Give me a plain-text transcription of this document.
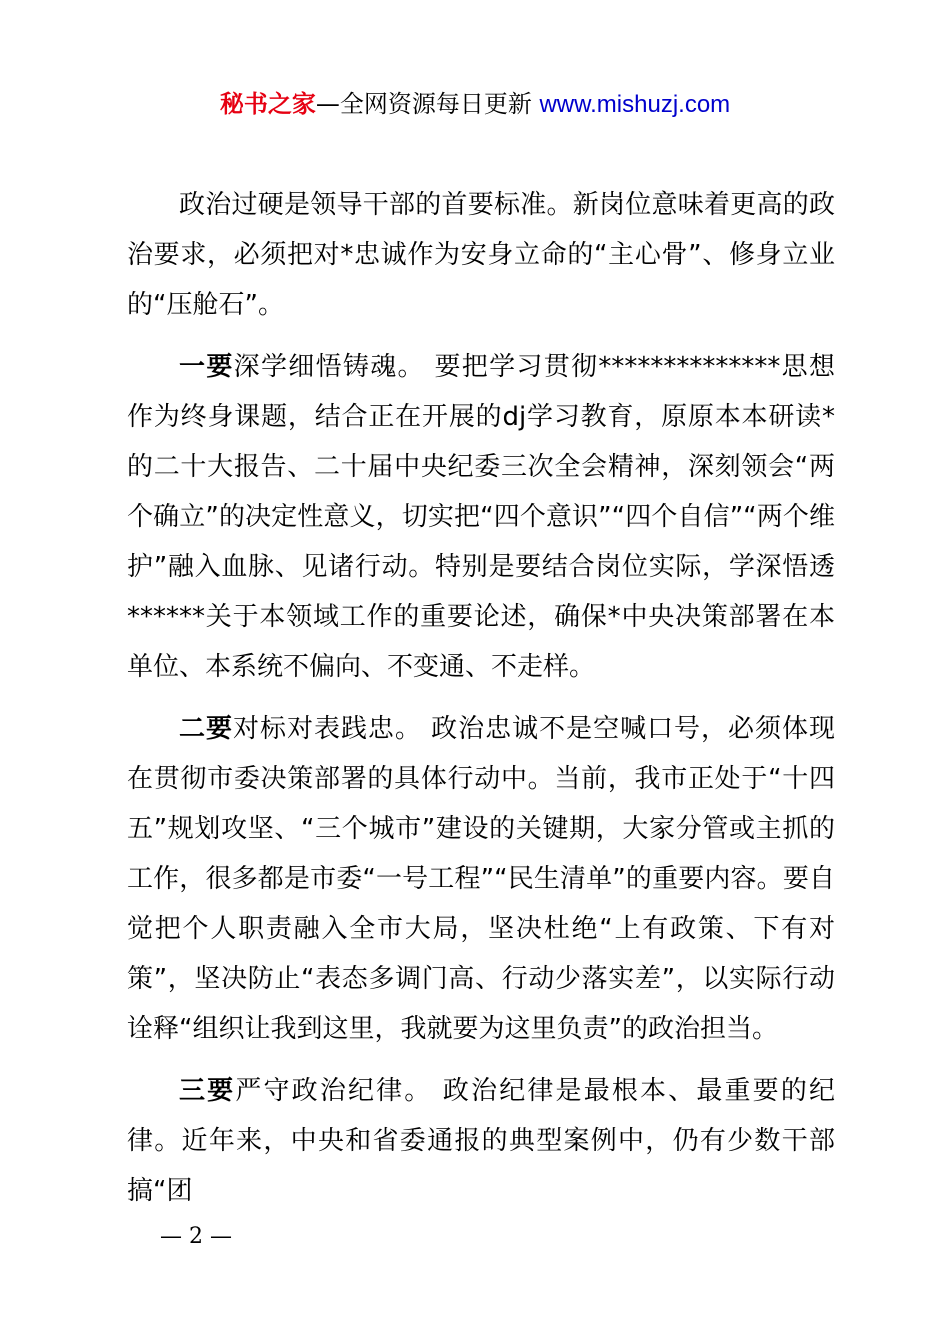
秘书之家—全网资源每日更新 www.mishuzj.com

政治过硬是领导干部的首要标准。新岗位意味着更高的政治要求，必须把对*忠诚作为安身立命的“主心骨”、修身立业的“压舱石”。

一要深学细悟铸魂。 要把学习贯彻**************思想作为终身课题，结合正在开展的dj学习教育，原原本本研读*的二十大报告、二十届中央纪委三次全会精神，深刻领会“两个确立”的决定性意义，切实把“四个意识”“四个自信”“两个维护”融入血脉、见诸行动。特别是要结合岗位实际，学深悟透******关于本领域工作的重要论述，确保*中央决策部署在本单位、本系统不偏向、不变通、不走样。

二要对标对表践忠。 政治忠诚不是空喊口号，必须体现在贯彻市委决策部署的具体行动中。当前，我市正处于“十四五”规划攻坚、“三个城市”建设的关键期，大家分管或主抓的工作，很多都是市委“一号工程”“民生清单”的重要内容。要自觉把个人职责融入全市大局，坚决杜绝“上有政策、下有对策”，坚决防止“表态多调门高、行动少落实差”，以实际行动诠释“组织让我到这里，我就要为这里负责”的政治担当。

三要严守政治纪律。 政治纪律是最根本、最重要的纪律。近年来，中央和省委通报的典型案例中，仍有少数干部搞“团

— 2 —
